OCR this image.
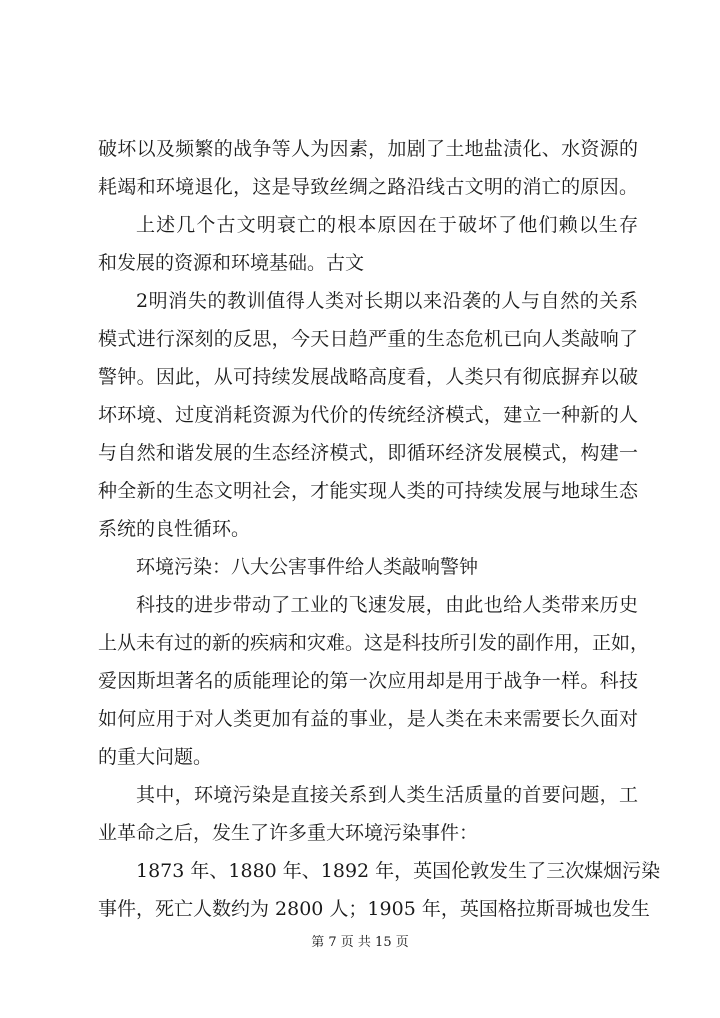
破坏以及频繁的战争等人为因素，加剧了土地盐渍化、水资源的
耗竭和环境退化，这是导致丝绸之路沿线古文明的消亡的原因。
上述几个古文明衰亡的根本原因在于破坏了他们赖以生存
和发展的资源和环境基础。古文
2明消失的教训值得人类对长期以来沿袭的人与自然的关系
模式进行深刻的反思，今天日趋严重的生态危机已向人类敲响了
警钟。因此，从可持续发展战略高度看，人类只有彻底摒弃以破
坏环境、过度消耗资源为代价的传统经济模式，建立一种新的人
与自然和谐发展的生态经济模式，即循环经济发展模式，构建一
种全新的生态文明社会，才能实现人类的可持续发展与地球生态
系统的良性循环。
环境污染：八大公害事件给人类敲响警钟
科技的进步带动了工业的飞速发展，由此也给人类带来历史
上从未有过的新的疾病和灾难。这是科技所引发的副作用，正如，
爱因斯坦著名的质能理论的第一次应用却是用于战争一样。科技
如何应用于对人类更加有益的事业，是人类在未来需要长久面对
的重大问题。
其中，环境污染是直接关系到人类生活质量的首要问题，工
业革命之后，发生了许多重大环境污染事件：
1873 年、1880 年、1892 年，英国伦敦发生了三次煤烟污染
事件，死亡人数约为 2800 人；1905 年，英国格拉斯哥城也发生
第 7 页 共 15 页
